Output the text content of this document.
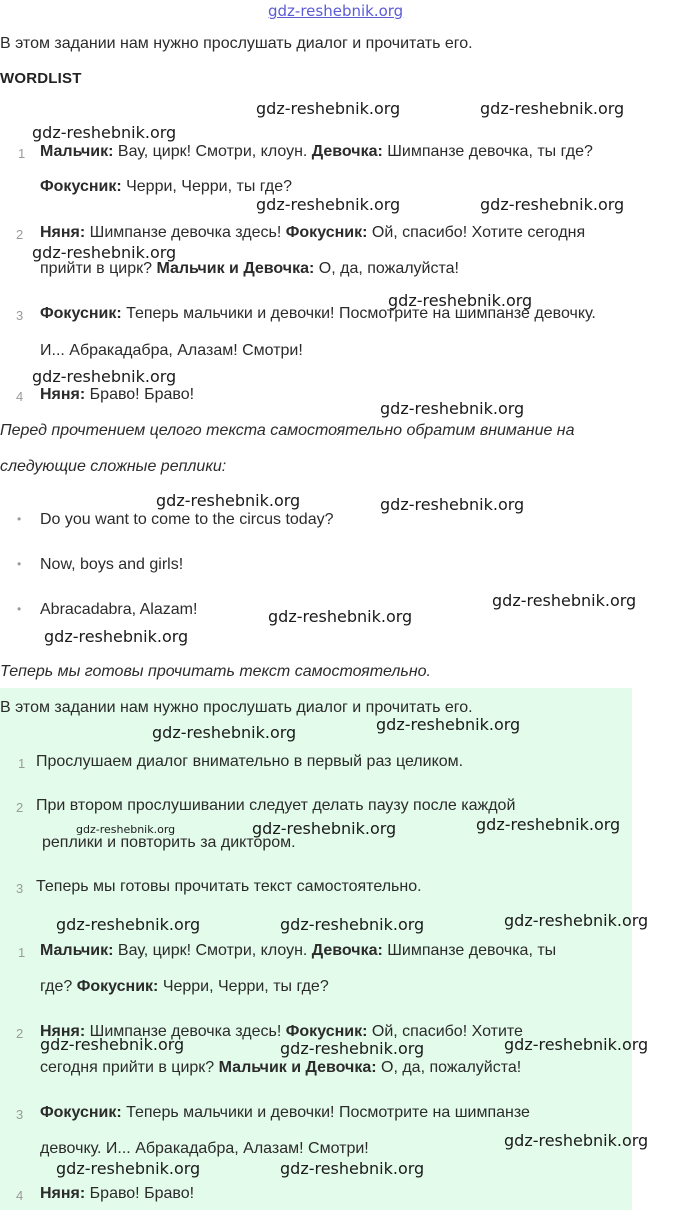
gdz-reshebnik.org
В этом задании нам нужно прослушать диалог и прочитать его.
WORDLIST
1 Мальчик: Вау, цирк! Смотри, клоун. Девочка: Шимпанзе девочка, ты где?
Фокусник: Черри, Черри, ты где?
2 Няня: Шимпанзе девочка здесь! Фокусник: Ой, спасибо! Хотите сегодня
прийти в цирк? Мальчик и Девочка: О, да, пожалуйста!
3 Фокусник: Теперь мальчики и девочки! Посмотрите на шимпанзе девочку.
И... Абракадабра, Алазам! Смотри!
4 Няня: Браво! Браво!
Перед прочтением целого текста самостоятельно обратим внимание на
следующие сложные реплики:
• Do you want to come to the circus today?
• Now, boys and girls!
• Abracadabra, Alazam!
Теперь мы готовы прочитать текст самостоятельно.
В этом задании нам нужно прослушать диалог и прочитать его.
1 Прослушаем диалог внимательно в первый раз целиком.
2 При втором прослушивании следует делать паузу после каждой
реплики и повторить за диктором.
3 Теперь мы готовы прочитать текст самостоятельно.
1 Мальчик: Вау, цирк! Смотри, клоун. Девочка: Шимпанзе девочка, ты
где? Фокусник: Черри, Черри, ты где?
2 Няня: Шимпанзе девочка здесь! Фокусник: Ой, спасибо! Хотите
сегодня прийти в цирк? Мальчик и Девочка: О, да, пожалуйста!
3 Фокусник: Теперь мальчики и девочки! Посмотрите на шимпанзе
девочку. И... Абракадабра, Алазам! Смотри!
4 Няня: Браво! Браво!
gdz-reshebnik.org	gdz-reshebnik.org
gdz-reshebnik.org
gdz-reshebnik.org	gdz-reshebnik.org
gdz-reshebnik.org
gdz-reshebnik.org
gdz-reshebnik.org
gdz-reshebnik.org
gdz-reshebnik.org	gdz-reshebnik.org
gdz-reshebnik.org
gdz-reshebnik.org
gdz-reshebnik.org
gdz-reshebnik.org
gdz-reshebnik.org
gdz-reshebnik.org	gdz-reshebnik.org	gdz-reshebnik.org
gdz-reshebnik.org	gdz-reshebnik.org	gdz-reshebnik.org
gdz-reshebnik.org	gdz-reshebnik.org	gdz-reshebnik.org
gdz-reshebnik.org
gdz-reshebnik.org	gdz-reshebnik.org
